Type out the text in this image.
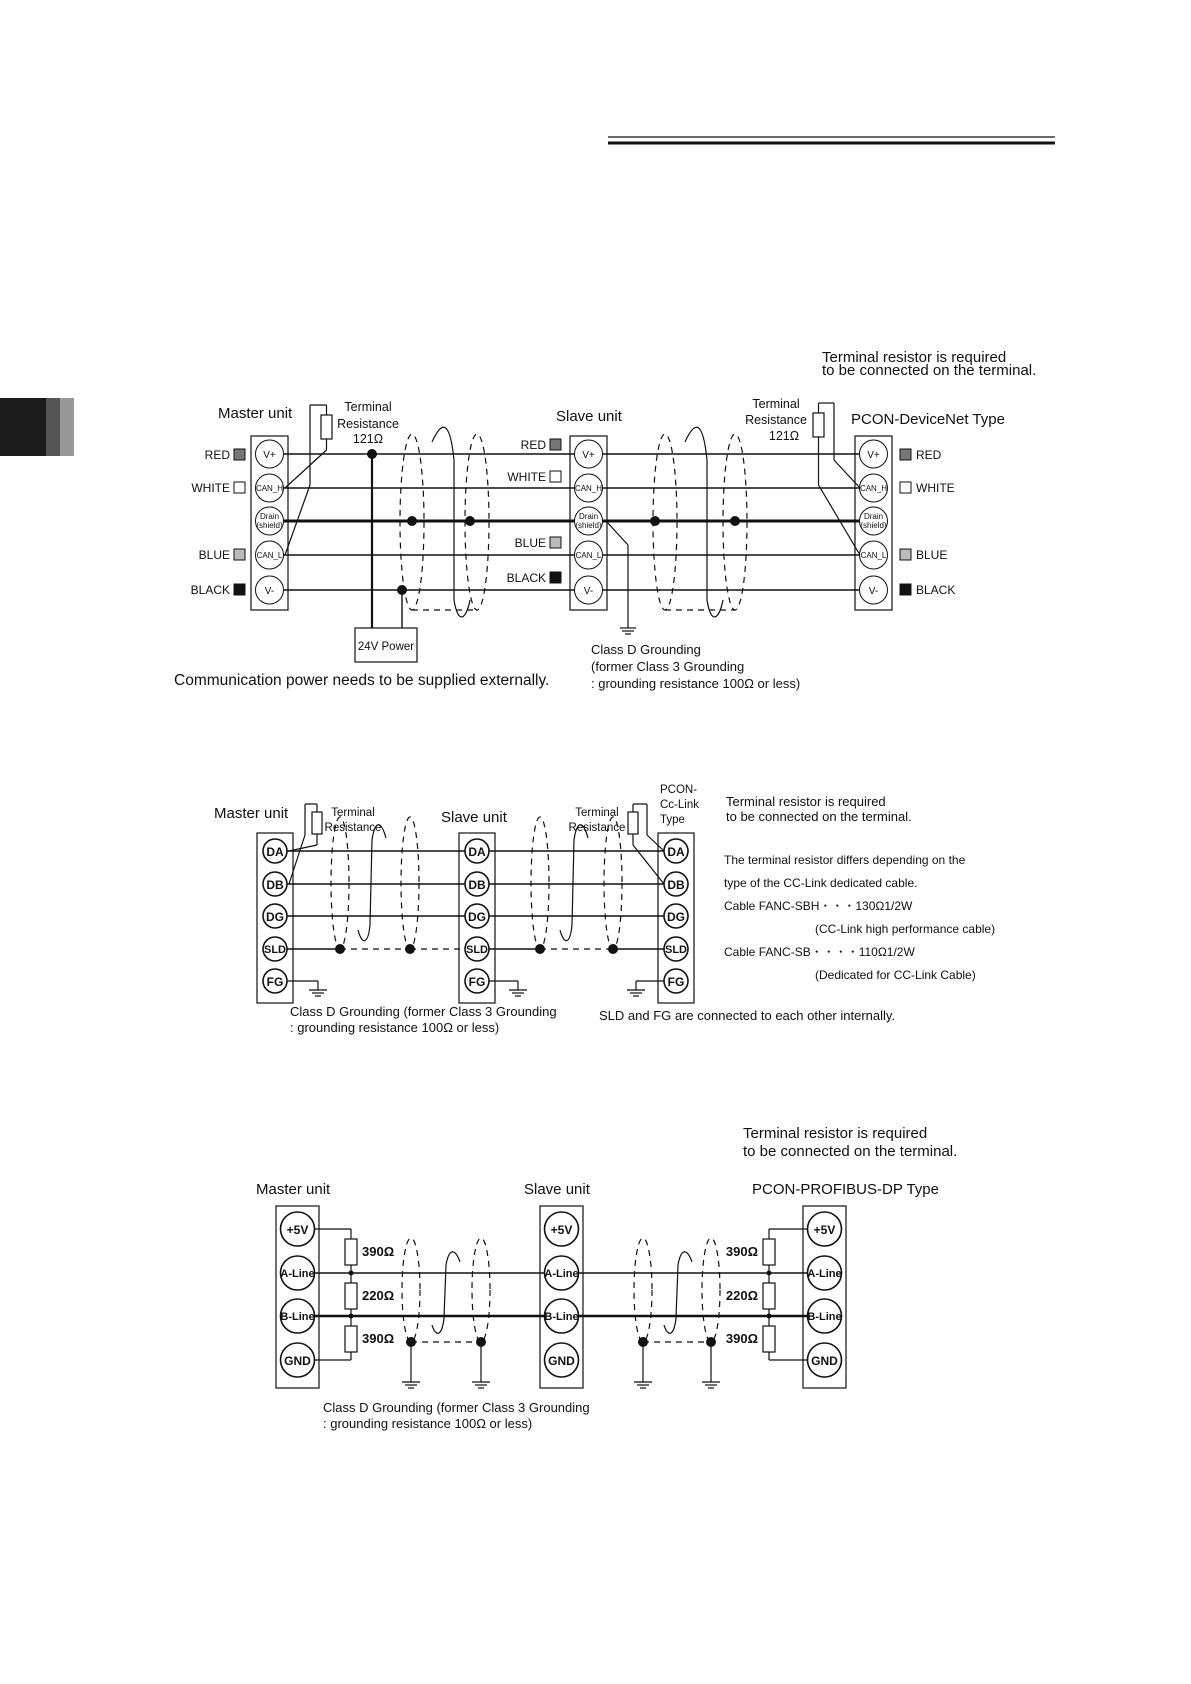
Terminal resistor is required
to be connected on the terminal.
Master unit	Slave unit	PCON-DeviceNet Type
Terminal
Resistance
121Ω
Terminal
Resistance
121Ω
V+
CAN_H
Drain
(shield)
CAN_L
V-
V+
CAN_H
Drain
(shield)
CAN_L
V-
V+
CAN_H
Drain
(shield)
CAN_L
V-
RED
WHITE
BLUE
BLACK
RED
WHITE
BLUE
BLACK
RED
WHITE
BLUE
BLACK
24V Power
Communication power needs to be supplied externally.
Class D Grounding
(former Class 3 Grounding
: grounding resistance 100Ω or less)
Master unit	Slave unit
Terminal
Resistance
Terminal
Resistance
PCON-
Cc-Link
Type
Terminal resistor is required
to be connected on the terminal.
The terminal resistor differs depending on the
type of the CC-Link dedicated cable.
Cable FANC-SBH・・・130Ω1/2W
(CC-Link high performance cable)
Cable FANC-SB・・・・110Ω1/2W
(Dedicated for CC-Link Cable)
DA
DB
DG
SLD
FG
DA
DB
DG
SLD
FG
DA
DB
DG
SLD
FG
Class D Grounding (former Class 3 Grounding
: grounding resistance 100Ω or less)
SLD and FG are connected to each other internally.
Terminal resistor is required
to be connected on the terminal.
Master unit	Slave unit	PCON-PROFIBUS-DP Type
+5V
A-Line
B-Line
GND
+5V
A-Line
B-Line
GND
+5V
A-Line
B-Line
GND
390Ω
220Ω
390Ω
390Ω
220Ω
390Ω
Class D Grounding (former Class 3 Grounding
: grounding resistance 100Ω or less)
